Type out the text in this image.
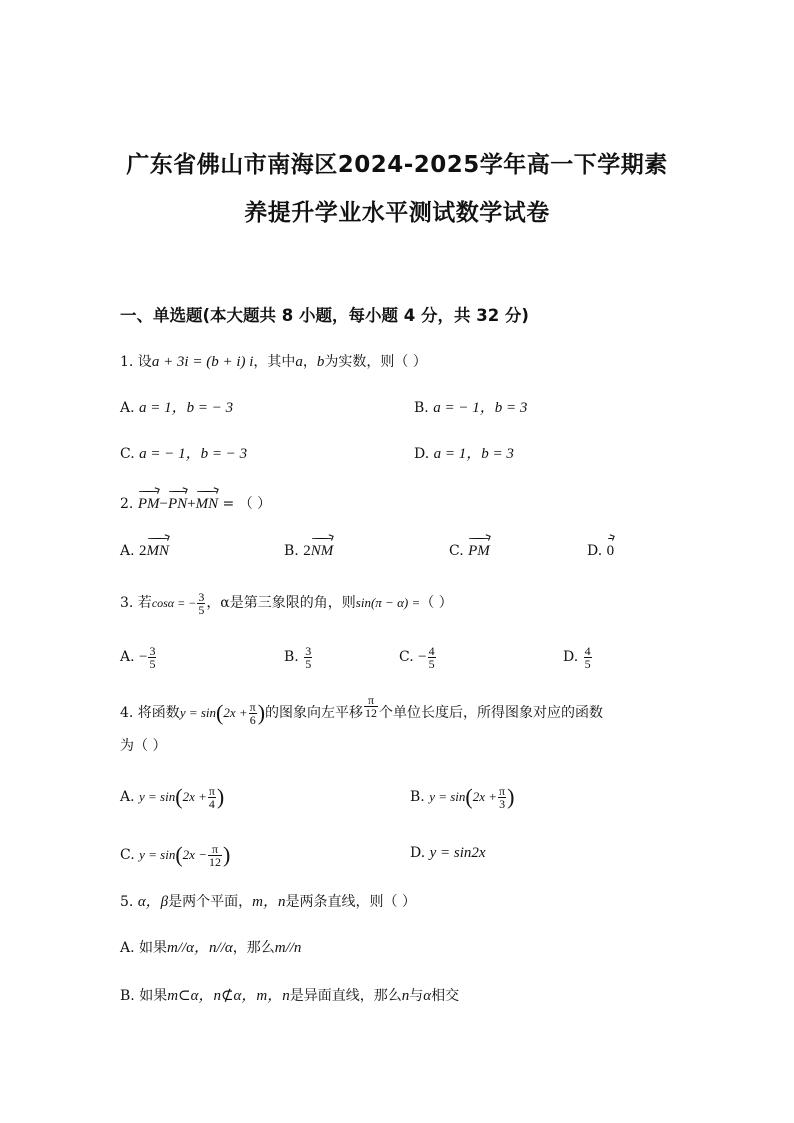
广东省佛山市南海区2024-2025学年高一下学期素
养提升学业水平测试数学试卷
一、单选题(本大题共 8 小题，每小题 4 分，共 32 分)
1. 设a + 3i = (b + i) i，其中a，b为实数，则（ ）
A. a = 1，b = − 3	B. a = − 1，b = 3
C. a = − 1，b = − 3	D. a = 1，b = 3
2. PM−PN+MN = （ ）
A. 2MN	B. 2NM	C. PM	D. 0
3. 若cosα = − $\frac{3}{5}$ ，α是第三象限的角，则sin(π − α) =（ ）
A. − $\frac{3}{5}$	B. $\frac{3}{5}$	C. − $\frac{4}{5}$	D. $\frac{4}{5}$
4. 将函数$y = \sin(2x + \frac{\pi}{6}$ )的图象向左平移 $\frac{\pi}{12}$ 个单位长度后，所得图象对应的函数
为（ ）
A. $y = \sin(2x + \frac{\pi}{4}$ )	B. $y = \sin(2x + \frac{\pi}{3}$ )
C. $y = \sin(2x - \frac{\pi}{12}$ )	D. y = sin2x
5. α，β是两个平面，m，n是两条直线，则（ ）
A. 如果m//α，n//α，那么m//n
B. 如果m⊂α，n⊄α，m，n是异面直线，那么n与α相交
